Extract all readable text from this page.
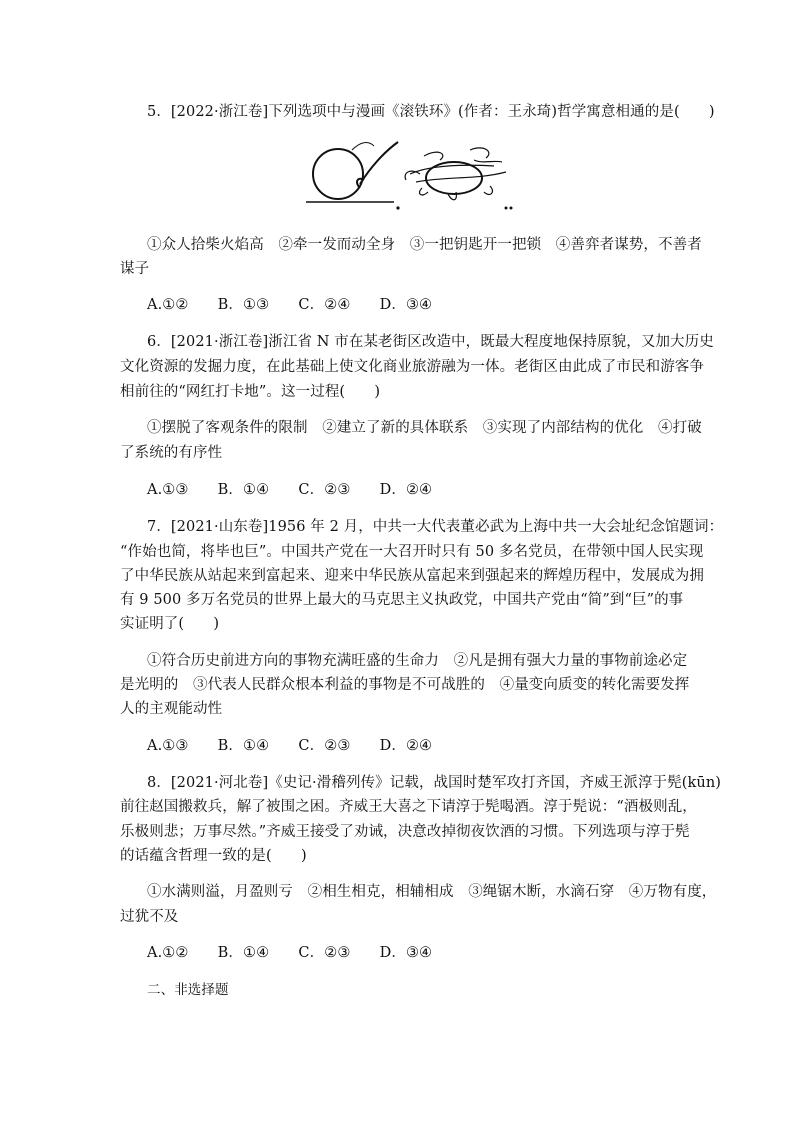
5．[2022·浙江卷]下列选项中与漫画《滚铁环》(作者：王永琦)哲学寓意相通的是(　　)
①众人拾柴火焰高　②牵一发而动全身　③一把钥匙开一把锁　④善弈者谋势，不善者
谋子
A.①②　　B．①③　　C．②④　　D．③④
6．[2021·浙江卷]浙江省 N 市在某老街区改造中，既最大程度地保持原貌，又加大历史
文化资源的发掘力度，在此基础上使文化商业旅游融为一体。老街区由此成了市民和游客争
相前往的“网红打卡地”。这一过程(　　)
①摆脱了客观条件的限制　②建立了新的具体联系　③实现了内部结构的优化　④打破
了系统的有序性
A.①③　　B．①④　　C．②③　　D．②④
7．[2021·山东卷]1956 年 2 月，中共一大代表董必武为上海中共一大会址纪念馆题词：
“作始也简，将毕也巨”。中国共产党在一大召开时只有 50 多名党员，在带领中国人民实现
了中华民族从站起来到富起来、迎来中华民族从富起来到强起来的辉煌历程中，发展成为拥
有 9 500 多万名党员的世界上最大的马克思主义执政党，中国共产党由“简”到“巨”的事
实证明了(　　)
①符合历史前进方向的事物充满旺盛的生命力　②凡是拥有强大力量的事物前途必定
是光明的　③代表人民群众根本利益的事物是不可战胜的　④量变向质变的转化需要发挥
人的主观能动性
A.①③　　B．①④　　C．②③　　D．②④
8．[2021·河北卷]《史记·滑稽列传》记载，战国时楚军攻打齐国，齐威王派淳于髡(kūn)
前往赵国搬救兵，解了被围之困。齐威王大喜之下请淳于髡喝酒。淳于髡说：“酒极则乱，
乐极则悲；万事尽然。”齐威王接受了劝诫，决意改掉彻夜饮酒的习惯。下列选项与淳于髡
的话蕴含哲理一致的是(　　)
①水满则溢，月盈则亏　②相生相克，相辅相成　③绳锯木断，水滴石穿　④万物有度，
过犹不及
A.①②　　B．①④　　C．②③　　D．③④
二、非选择题
